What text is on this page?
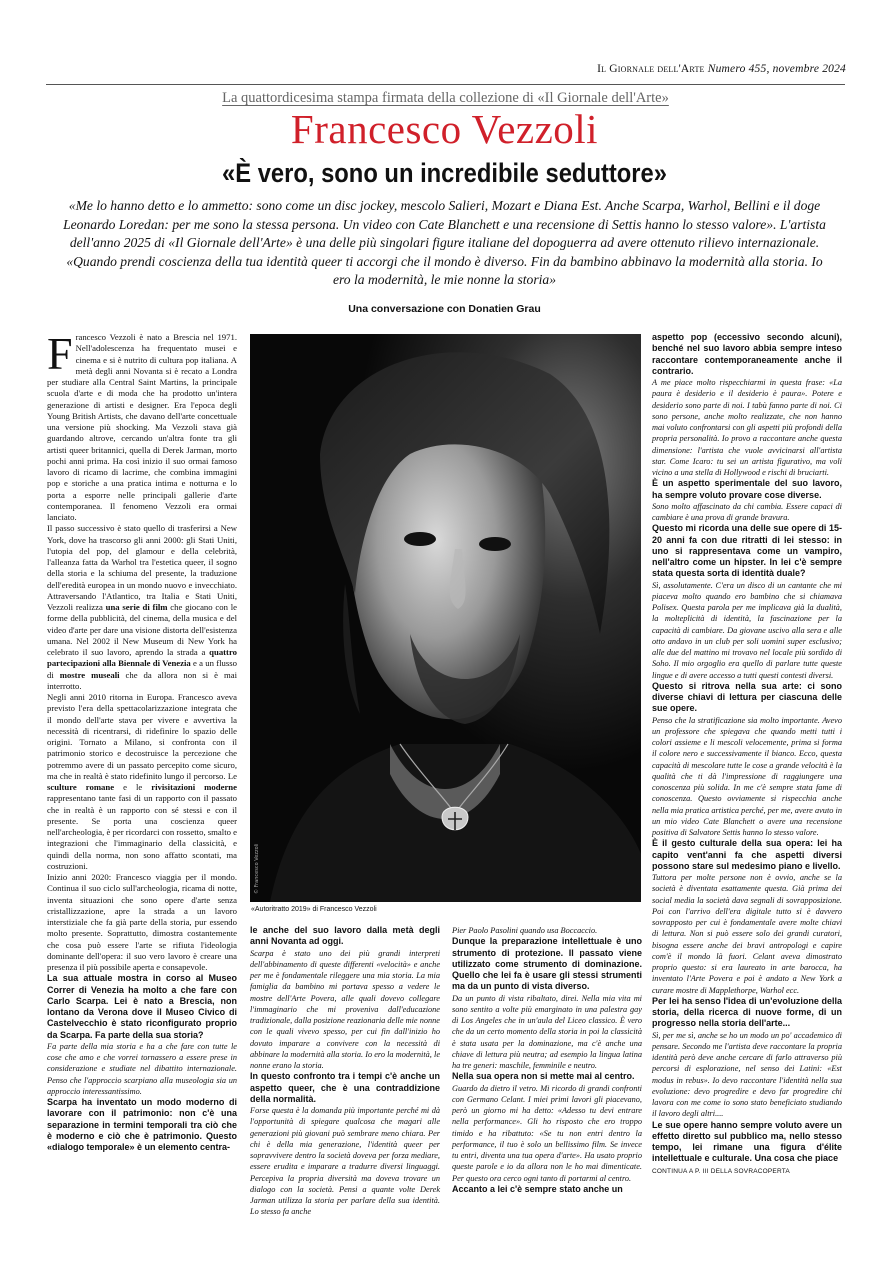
Il Giornale dell'Arte Numero 455, novembre 2024
La quattordicesima stampa firmata della collezione di «Il Giornale dell'Arte»
Francesco Vezzoli
«È vero, sono un incredibile seduttore»
«Me lo hanno detto e lo ammetto: sono come un disc jockey, mescolo Salieri, Mozart e Diana Est. Anche Scarpa, Warhol, Bellini e il doge Leonardo Loredan: per me sono la stessa persona. Un video con Cate Blanchett e una recensione di Settis hanno lo stesso valore». L'artista dell'anno 2025 di «Il Giornale dell'Arte» è una delle più singolari figure italiane del dopoguerra ad avere ottenuto rilievo internazionale. «Quando prendi coscienza della tua identità queer ti accorgi che il mondo è diverso. Fin da bambino abbinavo la modernità alla storia. Io ero la modernità, le mie nonne la storia»
Una conversazione con Donatien Grau

Francesco Vezzoli è nato a Brescia nel 1971. Nell'adolescenza ha frequentato musei e cinema e si è nutrito di cultura pop italiana. A metà degli anni Novanta si è recato a Londra per studiare alla Central Saint Martins, la principale scuola d'arte e di moda che ha prodotto un'intera generazione di artisti e designer. Era l'epoca degli Young British Artists, che davano dell'arte concettuale una versione più shocking. Ma Vezzoli stava già guardando altrove, cercando un'altra fonte tra gli artisti queer britannici, quella di Derek Jarman, morto pochi anni prima. Ha così inizio il suo ormai famoso lavoro di ricamo di lacrime, che combina immagini pop e storiche a una pratica intima e notturna e lo porta a esporre nelle principali gallerie d'arte contemporanea. Il fenomeno Vezzoli era ormai lanciato.

Il passo successivo è stato quello di trasferirsi a New York, dove ha trascorso gli anni 2000: gli Stati Uniti, l'utopia del pop, del glamour e della celebrità, l'alleanza fatta da Warhol tra l'estetica queer, il sogno della storia e la schiuma del presente, la traduzione dell'eredità europea in un mondo nuovo e invecchiato. Attraversando l'Atlantico, tra Italia e Stati Uniti, Vezzoli realizza una serie di film che giocano con le forme della pubblicità, del cinema, della musica e del video d'arte per dare una visione distorta dell'esistenza umana. Nel 2002 il New Museum di New York ha celebrato il suo lavoro, aprendo la strada a quattro partecipazioni alla Biennale di Venezia e a un flusso di mostre museali che da allora non si è mai interrotto.

Negli anni 2010 ritorna in Europa. Francesco aveva previsto l'era della spettacolarizzazione integrata che il mondo dell'arte stava per vivere e avvertiva la necessità di ricentrarsi, di ridefinire lo spazio delle origini. Tornato a Milano, si confronta con il patrimonio storico e decostruisce la percezione che potremmo avere di un passato percepito come sicuro, ma che in realtà è stato ridefinito lungo il percorso. Le sculture romane e le rivisitazioni moderne rappresentano tante fasi di un rapporto con il passato che in realtà è un rapporto con sé stessi e con il presente. Se porta una coscienza queer nell'archeologia, è per ricordarci con rossetto, smalto e integrazioni che l'immaginario della classicità, e quindi della norma, non sono affatto scontati, ma costruzioni.

Inizio anni 2020: Francesco viaggia per il mondo. Continua il suo ciclo sull'archeologia, ricama di notte, inventa situazioni che sono opere d'arte senza cristallizzazione, apre la strada a un lavoro interstiziale che fa già parte della storia, pur essendo molto presente. Soprattutto, dimostra costantemente che cosa può essere l'arte se rifiuta l'ideologia dominante dell'opera: il suo vero lavoro è creare una presenza il più possibile aperta e consapevole.

La sua attuale mostra in corso al Museo Correr di Venezia ha molto a che fare con Carlo Scarpa. Lei è nato a Brescia, non lontano da Verona dove il Museo Civico di Castelvecchio è stato riconfigurato proprio da Scarpa. Fa parte della sua storia?

Fa parte della mia storia e ha a che fare con tutte le cose che amo e che vorrei tornassero a essere prese in considerazione e studiate nel dibattito internazionale. Penso che l'approccio scarpiano alla museologia sia un approccio interessantissimo.

Scarpa ha inventato un modo moderno di lavorare con il patrimonio: non c'è una separazione in termini temporali tra ciò che è moderno e ciò che è patrimonio. Questo «dialogo temporale» è un elemento centra-

© Francesco Vezzoli
«Autoritratto 2019» di Francesco Vezzoli

le anche del suo lavoro dalla metà degli anni Novanta ad oggi.

Scarpa è stato uno dei più grandi interpreti dell'abbinamento di queste differenti «velocità» e anche per me è fondamentale rileggere una mia storia. La mia famiglia da bambino mi portava spesso a vedere le mostre dell'Arte Povera, alle quali dovevo collegare l'immaginario che mi proveniva dall'educazione tradizionale, dalla posizione reazionaria delle mie nonne con le quali vivevo spesso, per cui fin dall'inizio ho dovuto imparare a convivere con la necessità di abbinare la modernità alla storia. Io ero la modernità, le nonne erano la storia.

In questo confronto tra i tempi c'è anche un aspetto queer, che è una contraddizione della normalità.

Forse questa è la domanda più importante perché mi dà l'opportunità di spiegare qualcosa che magari alle generazioni più giovani può sembrare meno chiara. Per chi è della mia generazione, l'identità queer per sopravvivere dentro la società doveva per forza mediare, essere erudita e imparare a tradurre diversi linguaggi. Percepiva la propria diversità ma doveva trovare un dialogo con la società. Pensi a quante volte Derek Jarman utilizza la storia per parlare della sua identità. Lo stesso fa anche

Pier Paolo Pasolini quando usa Boccaccio.

Dunque la preparazione intellettuale è uno strumento di protezione. Il passato viene utilizzato come strumento di dominazione. Quello che lei fa è usare gli stessi strumenti ma da un punto di vista diverso.

Da un punto di vista ribaltato, direi. Nella mia vita mi sono sentito a volte più emarginato in una palestra gay di Los Angeles che in un'aula del Liceo classico. È vero che da un certo momento della storia in poi la classicità è stata usata per la dominazione, ma c'è anche una chiave di lettura più neutra; ad esempio la lingua latina ha tre generi: maschile, femminile e neutro.

Nella sua opera non si mette mai al centro.

Guardo da dietro il vetro. Mi ricordo di grandi confronti con Germano Celant. I miei primi lavori gli piacevano, però un giorno mi ha detto: «Adesso tu devi entrare nella performance». Gli ho risposto che ero troppo timido e ha ribattuto: «Se tu non entri dentro la performance, il tuo è solo un bellissimo film. Se invece tu entri, diventa una tua opera d'arte». Ha usato proprio queste parole e io da allora non le ho mai dimenticate. Per questo ora cerco ogni tanto di portarmi al centro.

Accanto a lei c'è sempre stato anche un

aspetto pop (eccessivo secondo alcuni), benché nel suo lavoro abbia sempre inteso raccontare contemporaneamente anche il contrario.

A me piace molto rispecchiarmi in questa frase: «La paura è desiderio e il desiderio è paura». Potere e desiderio sono parte di noi. I tabù fanno parte di noi. Ci sono persone, anche molto realizzate, che non hanno mai voluto confrontarsi con gli aspetti più profondi della propria personalità. Io provo a raccontare anche questa dimensione: l'artista che vuole avvicinarsi all'artista star. Come Icaro: tu sei un artista figurativo, ma voli vicino a una stella di Hollywood e rischi di bruciarti.

È un aspetto sperimentale del suo lavoro, ha sempre voluto provare cose diverse.

Sono molto affascinato da chi cambia. Essere capaci di cambiare è una prova di grande bravura.

Questo mi ricorda una delle sue opere di 15-20 anni fa con due ritratti di lei stesso: in uno si rappresentava come un vampiro, nell'altro come un hipster. In lei c'è sempre stata questa sorta di identità duale?

Sì, assolutamente. C'era un disco di un cantante che mi piaceva molto quando ero bambino che si chiamava Polisex. Questa parola per me implicava già la dualità, la molteplicità di identità, la fascinazione per la capacità di cambiare. Da giovane uscivo alla sera e alle otto andavo in un club per soli uomini super esclusivo; alle due del mattino mi trovavo nel locale più sordido di Soho. Il mio orgoglio era quello di parlare tutte queste lingue e di avere accesso a tutti questi contesti diversi.

Questo si ritrova nella sua arte: ci sono diverse chiavi di lettura per ciascuna delle sue opere.

Penso che la stratificazione sia molto importante. Avevo un professore che spiegava che quando metti tutti i colori assieme e li mescoli velocemente, prima si forma il colore nero e successivamente il bianco. Ecco, questa capacità di mescolare tutte le cose a grande velocità è la qualità che ti dà l'impressione di raggiungere una conoscenza più solida. In me c'è sempre stata fame di conoscenza. Questo ovviamente si rispecchia anche nella mia pratica artistica perché, per me, avere avuto in un mio video Cate Blanchett o avere una recensione positiva di Salvatore Settis hanno lo stesso valore.

È il gesto culturale della sua opera: lei ha capito vent'anni fa che aspetti diversi possono stare sul medesimo piano e livello.

Tuttora per molte persone non è ovvio, anche se la società è diventata esattamente questa. Già prima dei social media la società dava segnali di sovrapposizione. Poi con l'arrivo dell'era digitale tutto si è davvero sovrapposto per cui è fondamentale avere molte chiavi di lettura. Non si può essere solo dei grandi curatori, bisogna essere anche dei bravi antropologi e capire com'è il mondo là fuori. Celant aveva dimostrato proprio questo: si era laureato in arte barocca, ha inventato l'Arte Povera e poi è andato a New York a curare mostre di Mapplethorpe, Warhol ecc.

Per lei ha senso l'idea di un'evoluzione della storia, della ricerca di nuove forme, di un progresso nella storia dell'arte...

Sì, per me sì, anche se ho un modo un po' accademico di pensare. Secondo me l'artista deve raccontare la propria identità però deve anche cercare di farlo attraverso più percorsi di esplorazione, nel senso dei Latini: «Est modus in rebus». Io devo raccontare l'identità nella sua evoluzione: devo progredire e devo far progredire chi lavora con me come io sono stato beneficiato studiando il lavoro degli altri....

Le sue opere hanno sempre voluto avere un effetto diretto sul pubblico ma, nello stesso tempo, lei rimane una figura d'élite intellettuale e culturale. Una cosa che piace
CONTINUA A P. III DELLA SOVRACOPERTA
